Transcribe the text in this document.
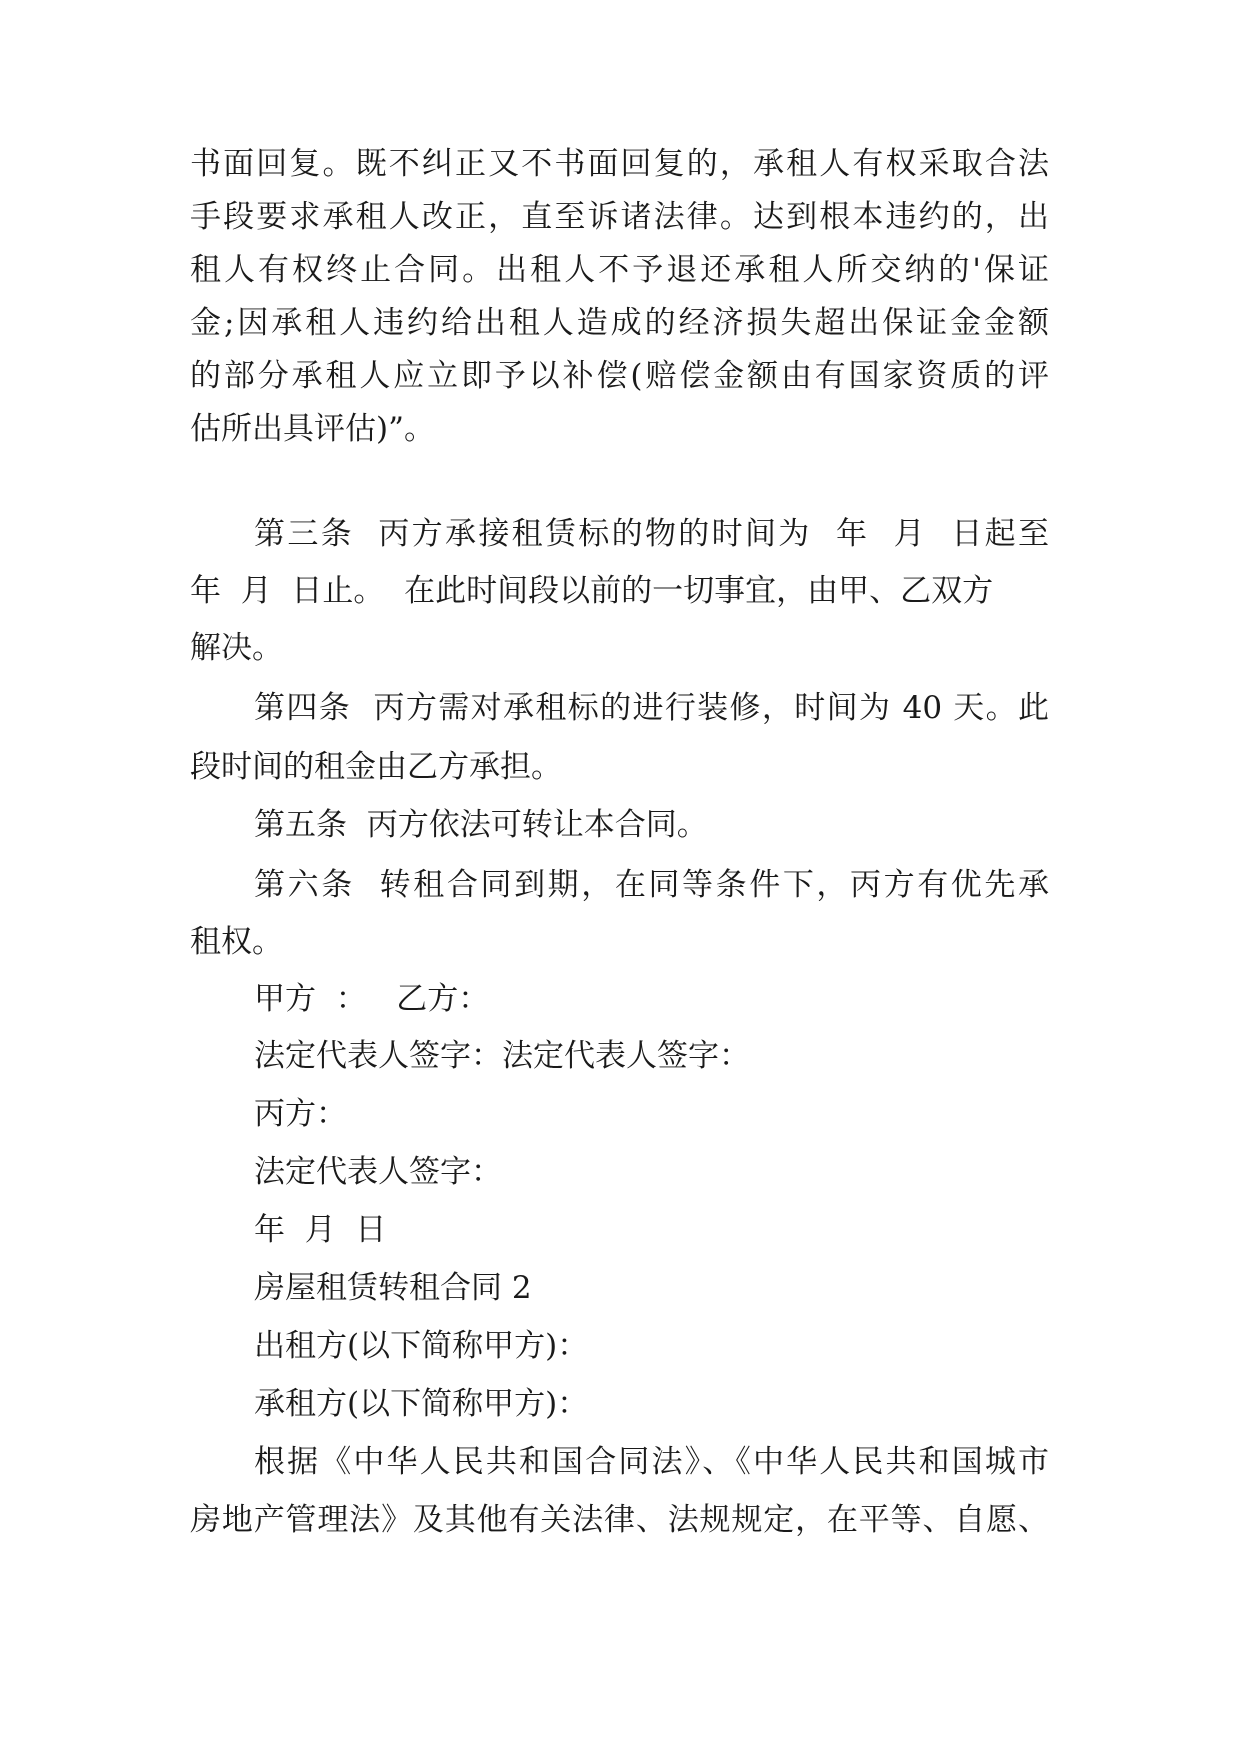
书面回复。既不纠正又不书面回复的，承租人有权采取合法
手段要求承租人改正，直至诉诸法律。达到根本违约的，出
租人有权终止合同。出租人不予退还承租人所交纳的'保证
金;因承租人违约给出租人造成的经济损失超出保证金金额
的部分承租人应立即予以补偿(赔偿金额由有国家资质的评
估所出具评估)”。
第三条  丙方承接租赁标的物的时间为  年  月  日起至
年  月  日止。  在此时间段以前的一切事宜，由甲、乙双方
解决。
第四条  丙方需对承租标的进行装修，时间为 40 天。此
段时间的租金由乙方承担。
第五条  丙方依法可转让本合同。
第六条  转租合同到期，在同等条件下，丙方有优先承
租权。
甲方  ：   乙方：
法定代表人签字：法定代表人签字：
丙方：
法定代表人签字：
年  月  日
房屋租赁转租合同 2
出租方(以下简称甲方)：
承租方(以下简称甲方)：
根据《中华人民共和国合同法》、《中华人民共和国城市
房地产管理法》及其他有关法律、法规规定，在平等、自愿、
